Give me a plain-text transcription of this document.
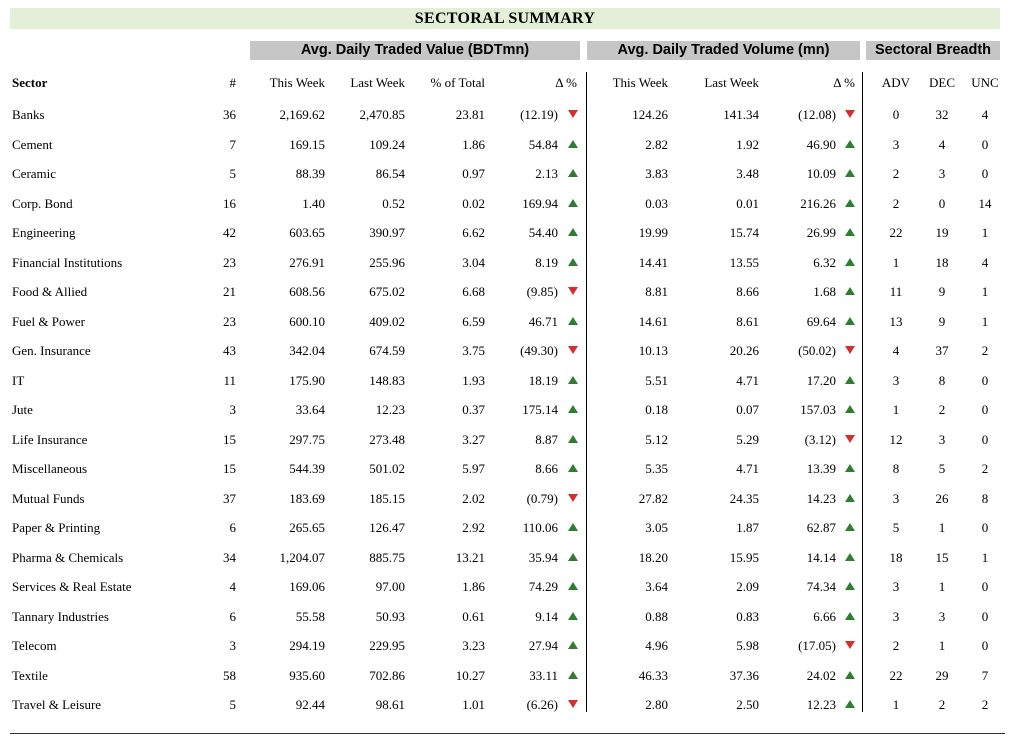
SECTORAL SUMMARY
Avg. Daily Traded Value (BDTmn)	Avg. Daily Traded Volume (mn)	Sectoral Breadth
Sector	#	This Week	Last Week	% of Total	Δ %	This Week	Last Week	Δ %	ADV	DEC	UNC
Banks	36	2,169.62	2,470.85	23.81	(12.19)	124.26	141.34	(12.08)	0	32	4
Cement	7	169.15	109.24	1.86	54.84	2.82	1.92	46.90	3	4	0
Ceramic	5	88.39	86.54	0.97	2.13	3.83	3.48	10.09	2	3	0
Corp. Bond	16	1.40	0.52	0.02	169.94	0.03	0.01	216.26	2	0	14
Engineering	42	603.65	390.97	6.62	54.40	19.99	15.74	26.99	22	19	1
Financial Institutions	23	276.91	255.96	3.04	8.19	14.41	13.55	6.32	1	18	4
Food & Allied	21	608.56	675.02	6.68	(9.85)	8.81	8.66	1.68	11	9	1
Fuel & Power	23	600.10	409.02	6.59	46.71	14.61	8.61	69.64	13	9	1
Gen. Insurance	43	342.04	674.59	3.75	(49.30)	10.13	20.26	(50.02)	4	37	2
IT	11	175.90	148.83	1.93	18.19	5.51	4.71	17.20	3	8	0
Jute	3	33.64	12.23	0.37	175.14	0.18	0.07	157.03	1	2	0
Life Insurance	15	297.75	273.48	3.27	8.87	5.12	5.29	(3.12)	12	3	0
Miscellaneous	15	544.39	501.02	5.97	8.66	5.35	4.71	13.39	8	5	2
Mutual Funds	37	183.69	185.15	2.02	(0.79)	27.82	24.35	14.23	3	26	8
Paper & Printing	6	265.65	126.47	2.92	110.06	3.05	1.87	62.87	5	1	0
Pharma & Chemicals	34	1,204.07	885.75	13.21	35.94	18.20	15.95	14.14	18	15	1
Services & Real Estate	4	169.06	97.00	1.86	74.29	3.64	2.09	74.34	3	1	0
Tannary Industries	6	55.58	50.93	0.61	9.14	0.88	0.83	6.66	3	3	0
Telecom	3	294.19	229.95	3.23	27.94	4.96	5.98	(17.05)	2	1	0
Textile	58	935.60	702.86	10.27	33.11	46.33	37.36	24.02	22	29	7
Travel & Leisure	5	92.44	98.61	1.01	(6.26)	2.80	2.50	12.23	1	2	2
